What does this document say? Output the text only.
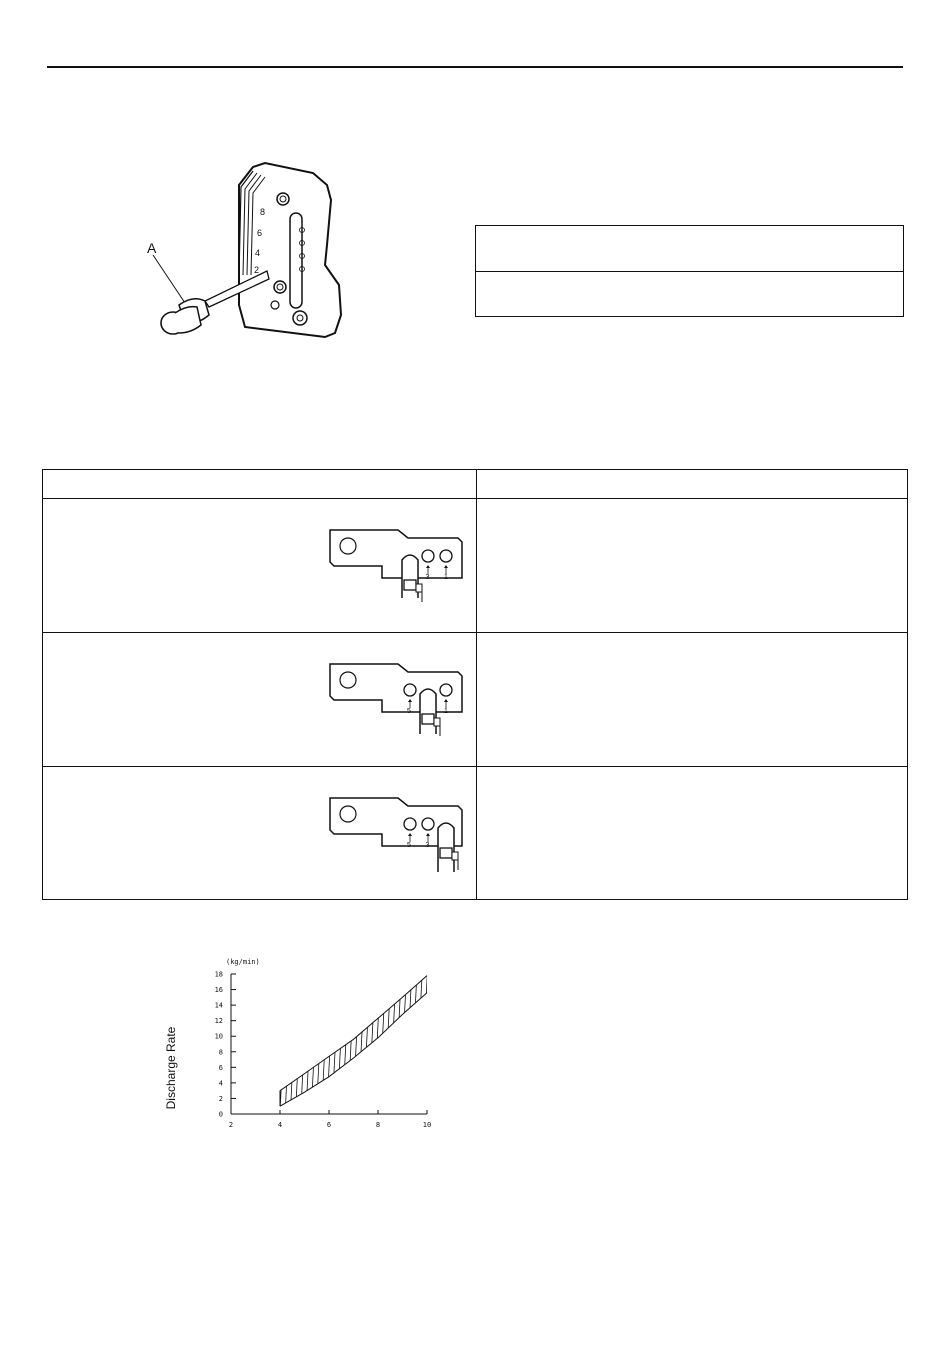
A
8
6
4
2
3 1
5	1
5 3
(kg/min)
Discharge Rate
2	4	6	8	10
0
2
4
6
8
10
12
14
16
18
